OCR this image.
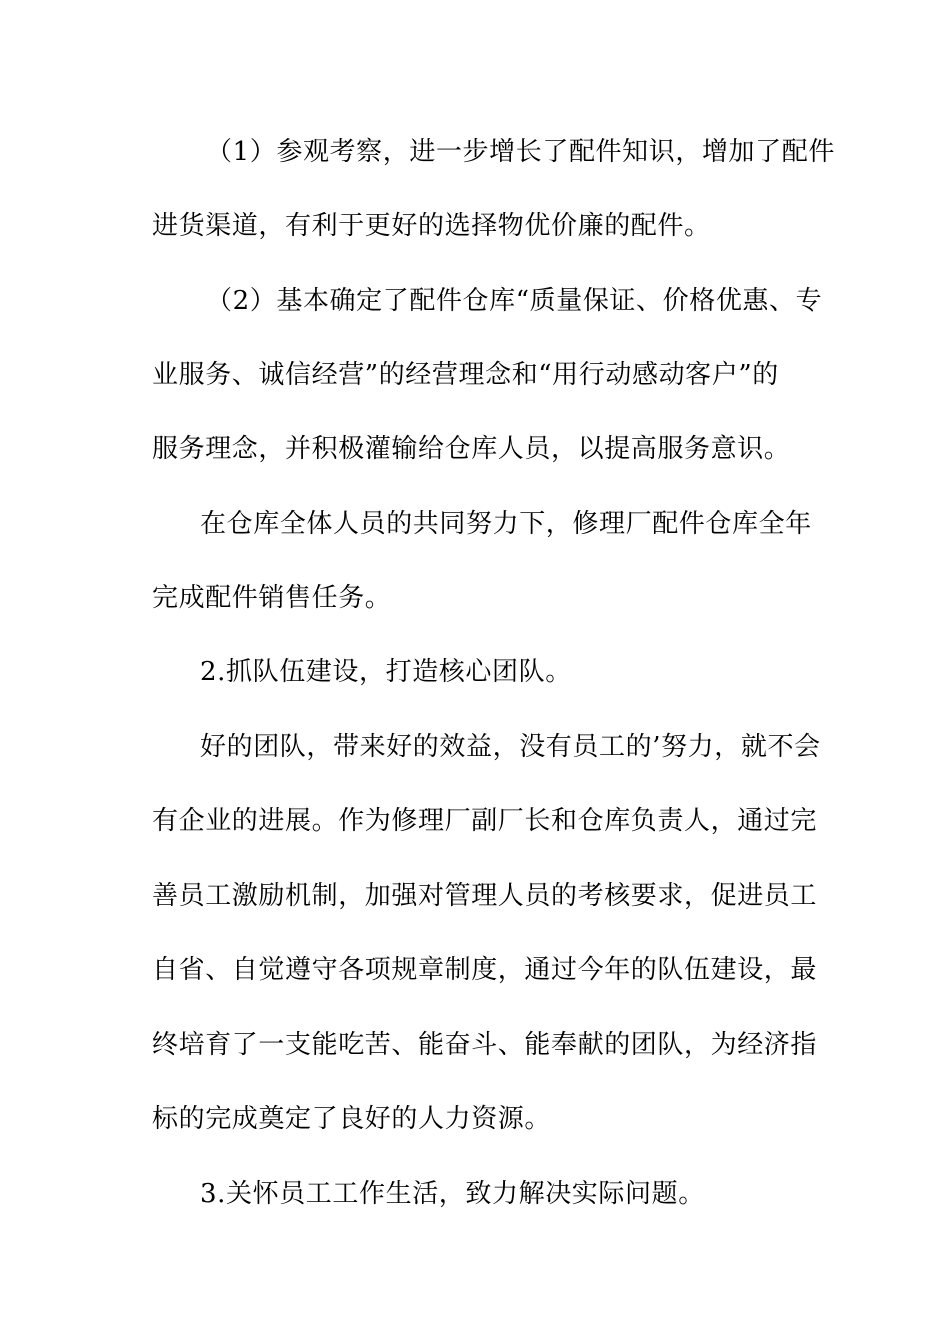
（1）参观考察，进一步增长了配件知识，增加了配件
进货渠道，有利于更好的选择物优价廉的配件。
（2）基本确定了配件仓库“质量保证、价格优惠、专
业服务、诚信经营”的经营理念和“用行动感动客户”的
服务理念，并积极灌输给仓库人员，以提高服务意识。
在仓库全体人员的共同努力下，修理厂配件仓库全年
完成配件销售任务。
2.抓队伍建设，打造核心团队。
好的团队，带来好的效益，没有员工的’努力，就不会
有企业的进展。作为修理厂副厂长和仓库负责人，通过完
善员工激励机制，加强对管理人员的考核要求，促进员工
自省、自觉遵守各项规章制度，通过今年的队伍建设，最
终培育了一支能吃苦、能奋斗、能奉献的团队，为经济指
标的完成奠定了良好的人力资源。
3.关怀员工工作生活，致力解决实际问题。
